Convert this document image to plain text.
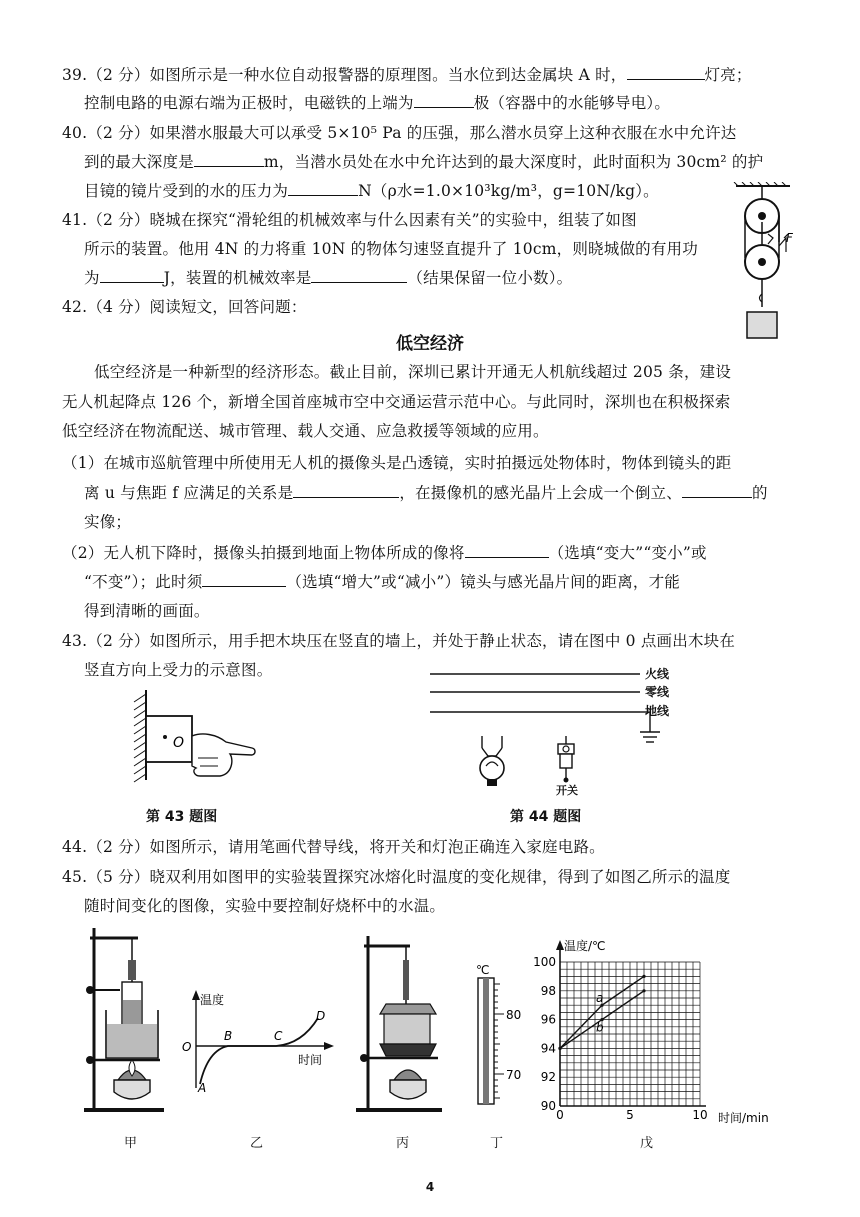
39.（2 分）如图所示是一种水位自动报警器的原理图。当水位到达金属块 A 时，	灯亮；
控制电路的电源右端为正极时，电磁铁的上端为	极（容器中的水能够导电）。
40.（2 分）如果潜水服最大可以承受 5×10⁵ Pa 的压强，那么潜水员穿上这种衣服在水中允许达
到的最大深度是	m，当潜水员处在水中允许达到的最大深度时，此时面积为 30cm² 的护
目镜的镜片受到的水的压力为	N（ρ水=1.0×10³kg/m³，g=10N/kg）。
41.（2 分）晓城在探究“滑轮组的机械效率与什么因素有关”的实验中，组装了如图
所示的装置。他用 4N 的力将重 10N 的物体匀速竖直提升了 10cm，则晓城做的有用功
为	J，装置的机械效率是	（结果保留一位小数）。
F
42.（4 分）阅读短文，回答问题：
低空经济
低空经济是一种新型的经济形态。截止目前，深圳已累计开通无人机航线超过 205 条，建设
无人机起降点 126 个，新增全国首座城市空中交通运营示范中心。与此同时，深圳也在积极探索
低空经济在物流配送、城市管理、载人交通、应急救援等领域的应用。
（1）在城市巡航管理中所使用无人机的摄像头是凸透镜，实时拍摄远处物体时，物体到镜头的距
离 u 与焦距 f 应满足的关系是	，在摄像机的感光晶片上会成一个倒立、	的
实像；
（2）无人机下降时，摄像头拍摄到地面上物体所成的像将	（选填“变大”“变小”或
“不变”）；此时须	（选填“增大”或“减小”）镜头与感光晶片间的距离，才能
得到清晰的画面。
43.（2 分）如图所示，用手把木块压在竖直的墙上，并处于静止状态，请在图中 0 点画出木块在
竖直方向上受力的示意图。
O
第 43 题图
火线
零线
地线
开关
第 44 题图
44.（2 分）如图所示，请用笔画代替导线，将开关和灯泡正确连入家庭电路。
45.（5 分）晓双利用如图甲的实验装置探究冰熔化时温度的变化规律，得到了如图乙所示的温度
随时间变化的图像，实验中要控制好烧杯中的水温。
甲
温度
时间
O
A
B	C
D
乙	丙
℃
80
70
丁
90
92
94
96
98
100
0	5	10
a
b
温度/℃
时间/min
戊
4
